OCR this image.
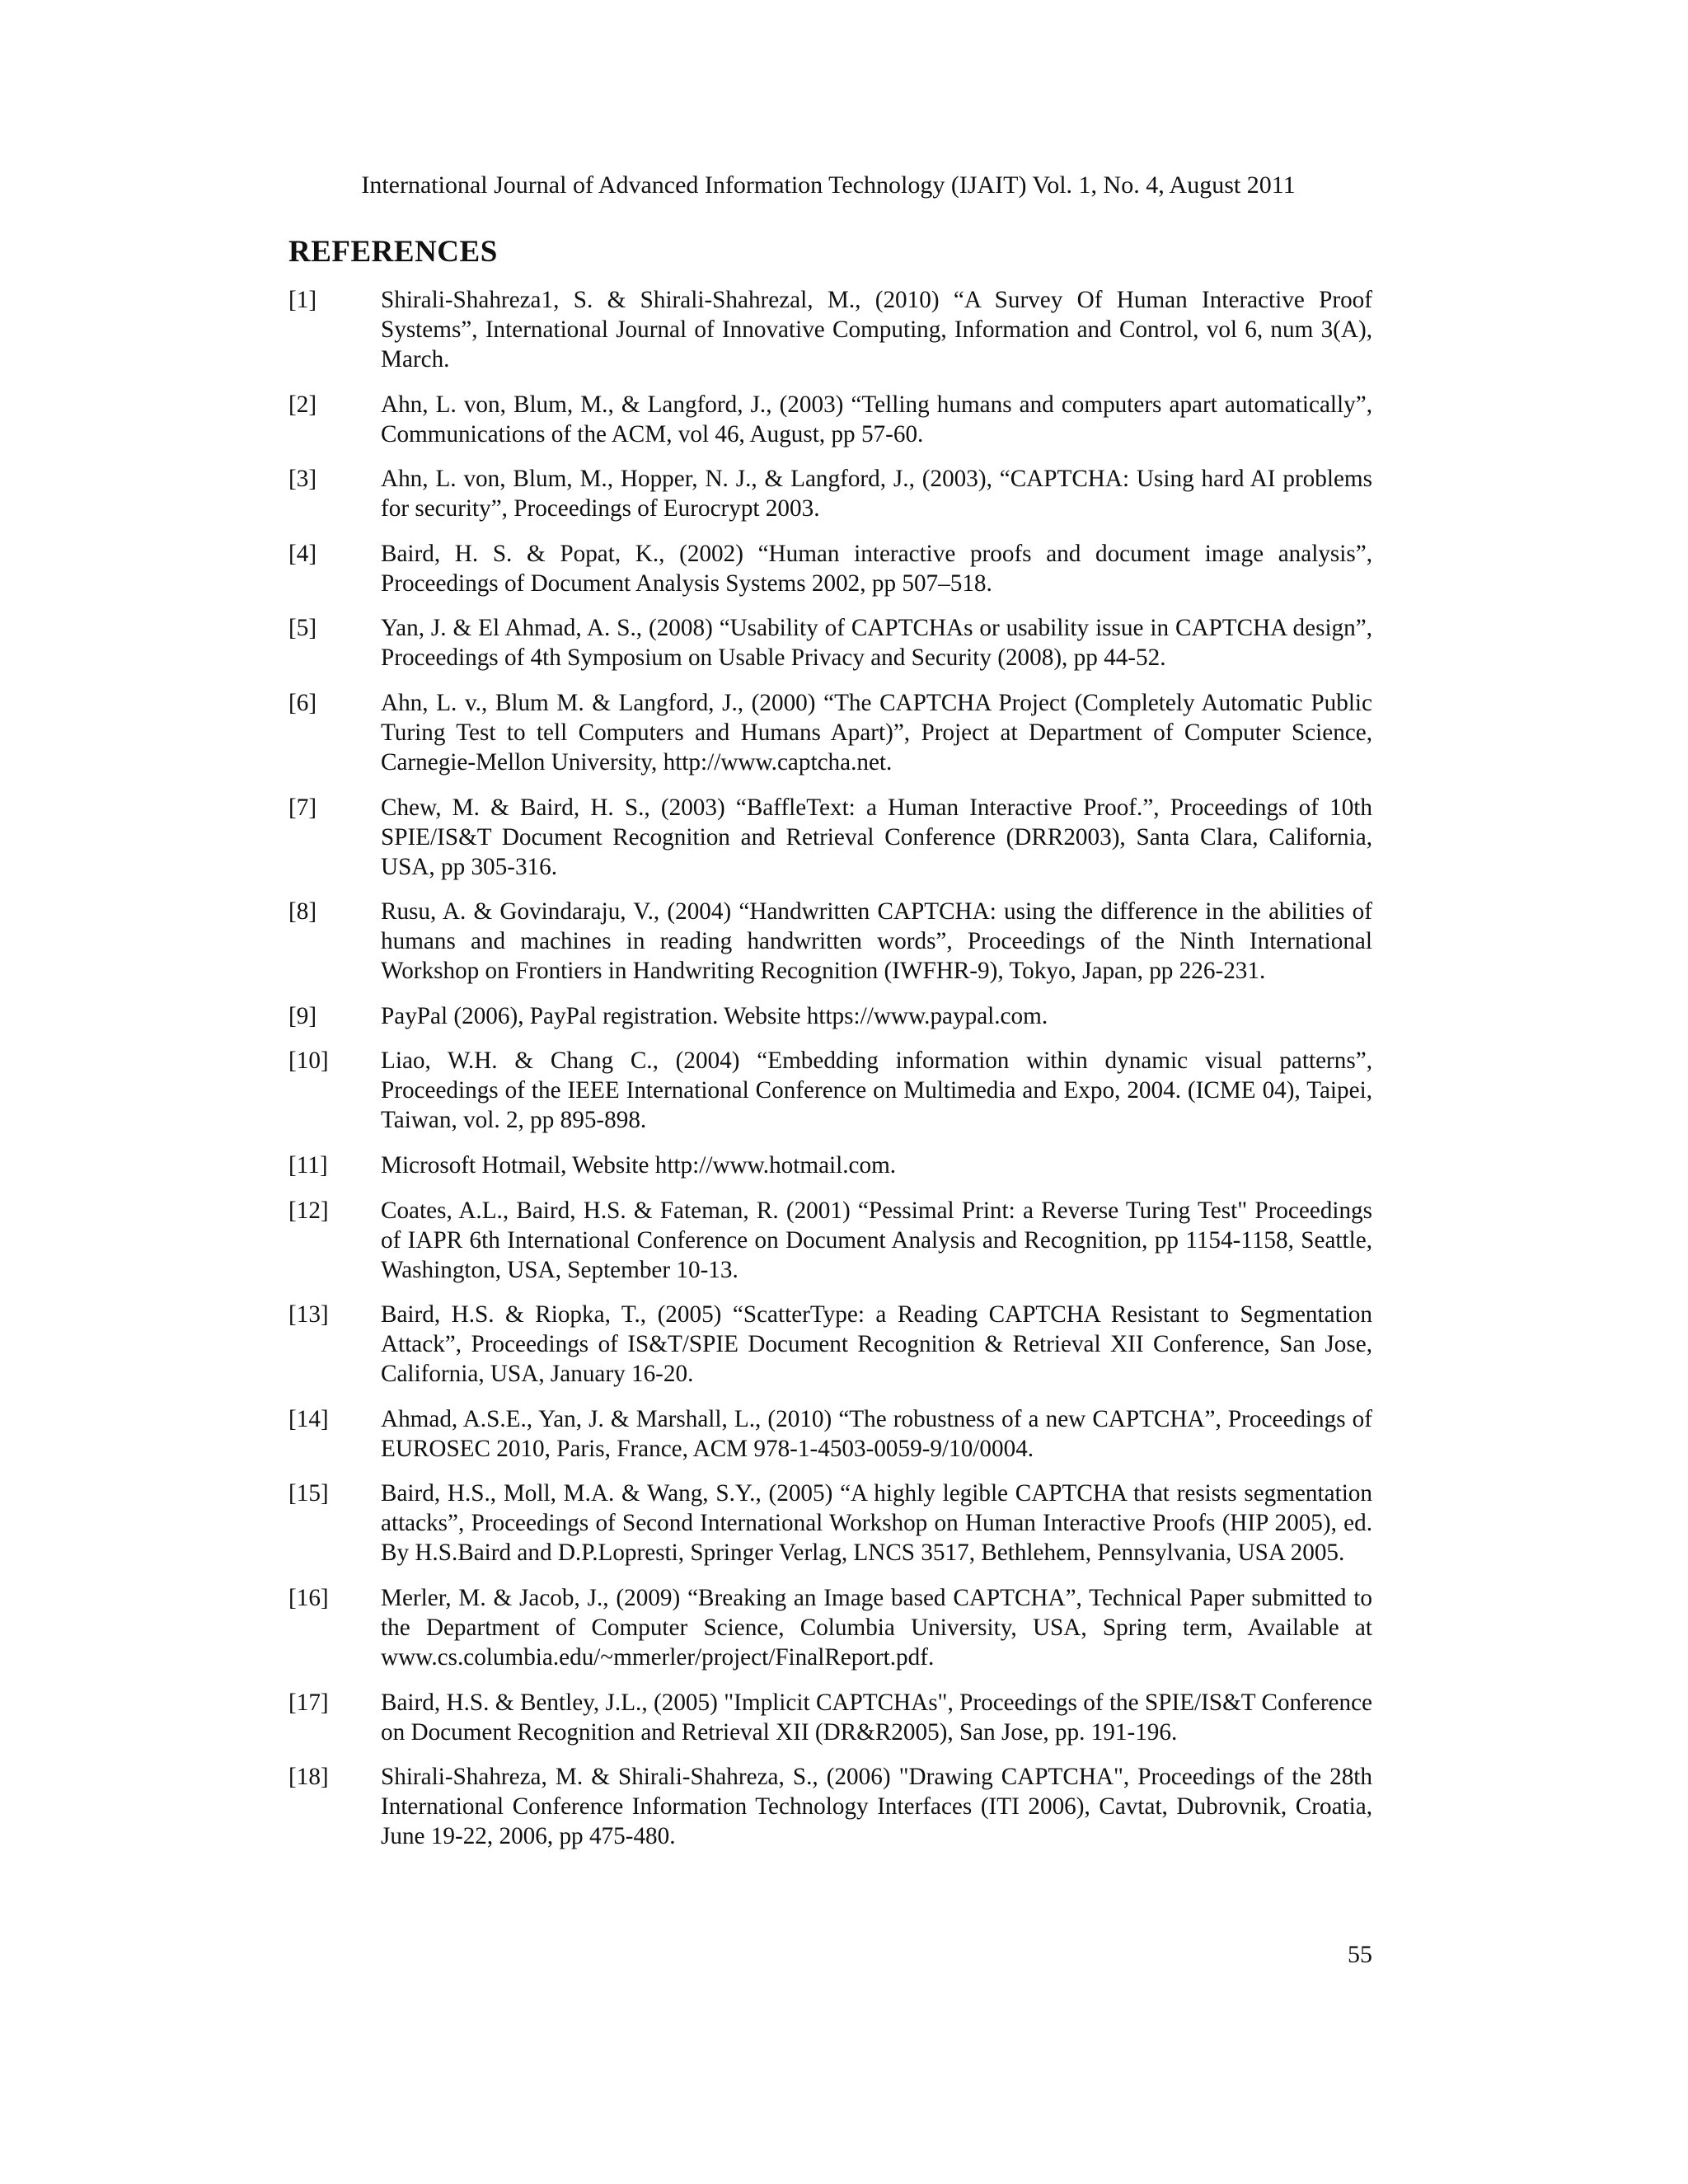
International Journal of Advanced Information Technology (IJAIT) Vol. 1, No. 4, August 2011
REFERENCES
[1]	Shirali-Shahreza1, S. & Shirali-Shahrezal, M., (2010) “A Survey Of Human Interactive Proof Systems”, International Journal of Innovative Computing, Information and Control, vol 6, num 3(A), March.
[2]	Ahn, L. von, Blum, M., & Langford, J., (2003) “Telling humans and computers apart automatically”, Communications of the ACM, vol 46, August, pp 57-60.
[3]	Ahn, L. von, Blum, M., Hopper, N. J., & Langford, J., (2003), “CAPTCHA: Using hard AI problems for security”, Proceedings of Eurocrypt 2003.
[4]	Baird, H. S. & Popat, K., (2002) “Human interactive proofs and document image analysis”, Proceedings of Document Analysis Systems 2002, pp 507–518.
[5]	Yan, J. & El Ahmad, A. S., (2008) “Usability of CAPTCHAs or usability issue in CAPTCHA design”, Proceedings of 4th Symposium on Usable Privacy and Security (2008), pp 44-52.
[6]	Ahn, L. v., Blum M. & Langford, J., (2000) “The CAPTCHA Project (Completely Automatic Public Turing Test to tell Computers and Humans Apart)”, Project at Department of Computer Science, Carnegie-Mellon University, http://www.captcha.net.
[7]	Chew, M. & Baird, H. S., (2003) “BaffleText: a Human Interactive Proof.”, Proceedings of 10th SPIE/IS&T Document Recognition and Retrieval Conference (DRR2003), Santa Clara, California, USA, pp 305-316.
[8]	Rusu, A. & Govindaraju, V., (2004) “Handwritten CAPTCHA: using the difference in the abilities of humans and machines in reading handwritten words”, Proceedings of the Ninth International Workshop on Frontiers in Handwriting Recognition (IWFHR-9), Tokyo, Japan, pp 226-231.
[9]	PayPal (2006), PayPal registration. Website https://www.paypal.com.
[10] Liao, W.H. & Chang C., (2004) “Embedding information within dynamic visual patterns”, Proceedings of the IEEE International Conference on Multimedia and Expo, 2004. (ICME 04), Taipei, Taiwan, vol. 2, pp 895-898.
[11] Microsoft Hotmail, Website http://www.hotmail.com.
[12] Coates, A.L., Baird, H.S. & Fateman, R. (2001) “Pessimal Print: a Reverse Turing Test" Proceedings of IAPR 6th International Conference on Document Analysis and Recognition, pp 1154-1158, Seattle, Washington, USA, September 10-13.
[13] Baird, H.S. & Riopka, T., (2005) “ScatterType: a Reading CAPTCHA Resistant to Segmentation Attack”, Proceedings of IS&T/SPIE Document Recognition & Retrieval XII Conference, San Jose, California, USA, January 16-20.
[14] Ahmad, A.S.E., Yan, J. & Marshall, L., (2010) “The robustness of a new CAPTCHA”, Proceedings of EUROSEC 2010, Paris, France, ACM 978-1-4503-0059-9/10/0004.
[15] Baird, H.S., Moll, M.A. & Wang, S.Y., (2005) “A highly legible CAPTCHA that resists segmentation attacks”, Proceedings of Second International Workshop on Human Interactive Proofs (HIP 2005), ed. By H.S.Baird and D.P.Lopresti, Springer Verlag, LNCS 3517, Bethlehem, Pennsylvania, USA 2005.
[16] Merler, M. & Jacob, J., (2009) “Breaking an Image based CAPTCHA”, Technical Paper submitted to the Department of Computer Science, Columbia University, USA, Spring term, Available at www.cs.columbia.edu/~mmerler/project/FinalReport.pdf.
[17] Baird, H.S. & Bentley, J.L., (2005) "Implicit CAPTCHAs", Proceedings of the SPIE/IS&T Conference on Document Recognition and Retrieval XII (DR&R2005), San Jose, pp. 191-196.
[18] Shirali-Shahreza, M. & Shirali-Shahreza, S., (2006) "Drawing CAPTCHA", Proceedings of the 28th International Conference Information Technology Interfaces (ITI 2006), Cavtat, Dubrovnik, Croatia, June 19-22, 2006, pp 475-480.
55
